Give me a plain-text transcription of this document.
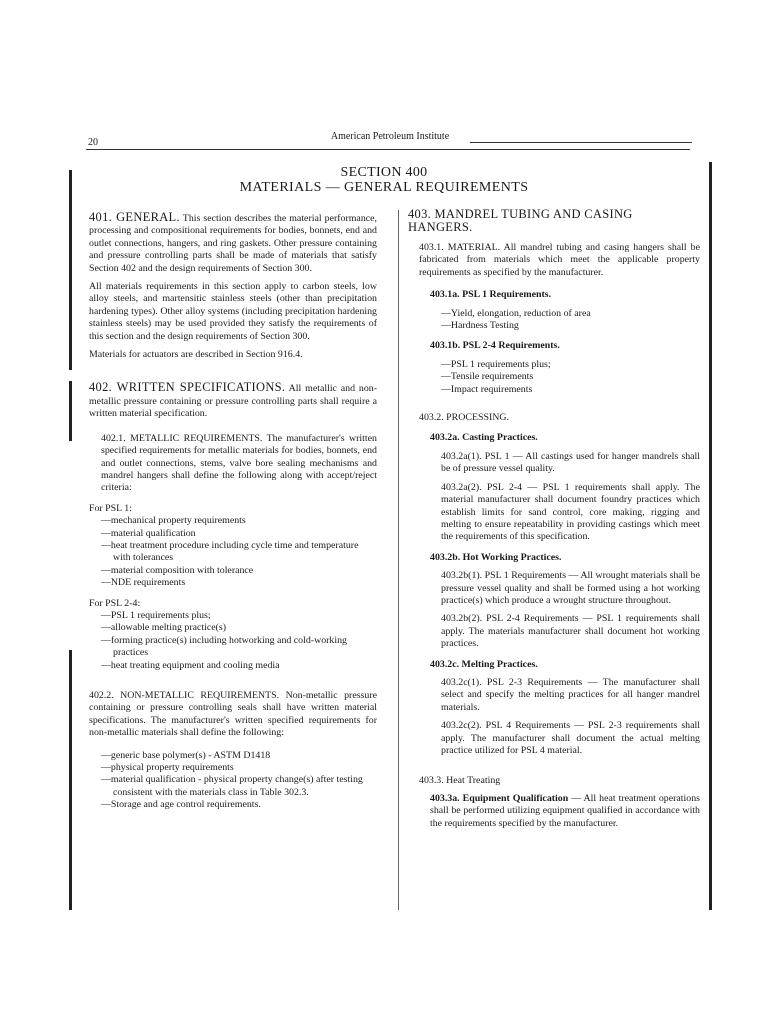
20
American Petroleum Institute
SECTION 400
MATERIALS — GENERAL REQUIREMENTS

401. GENERAL. This section describes the material performance, processing and compositional requirements for bodies, bonnets, end and outlet connections, hangers, and ring gaskets. Other pressure containing and pressure controlling parts shall be made of materials that satisfy Section 402 and the design requirements of Section 300.

All materials requirements in this section apply to carbon steels, low alloy steels, and martensitic stainless steels (other than precipitation hardening types). Other alloy systems (including precipitation hardening stainless steels) may be used provided they satisfy the requirements of this section and the design requirements of Section 300.

Materials for actuators are described in Section 916.4.

402. WRITTEN SPECIFICATIONS. All metallic and non-metallic pressure containing or pressure controlling parts shall require a written material specification.

402.1. METALLIC REQUIREMENTS. The manufacturer's written specified requirements for metallic materials for bodies, bonnets, end and outlet connections, stems, valve bore sealing mechanisms and mandrel hangers shall define the following along with accept/reject criteria:

For PSL 1:

— mechanical property requirements

— material qualification

— heat treatment procedure including cycle time and temperature with tolerances

— material composition with tolerance

— NDE requirements

For PSL 2-4:

— PSL 1 requirements plus;

— allowable melting practice(s)

— forming practice(s) including hotworking and cold-working practices

— heat treating equipment and cooling media

402.2. NON-METALLIC REQUIREMENTS. Non-metallic pressure containing or pressure controlling seals shall have written material specifications. The manufacturer's written specified requirements for non-metallic materials shall define the following:

— generic base polymer(s) - ASTM D1418

— physical property requirements

— material qualification - physical property change(s) after testing consistent with the materials class in Table 302.3.

— Storage and age control requirements.

403. MANDREL TUBING AND CASING HANGERS.

403.1. MATERIAL. All mandrel tubing and casing hangers shall be fabricated from materials which meet the applicable property requirements as specified by the manufacturer.

403.1a. PSL 1 Requirements.

— Yield, elongation, reduction of area

— Hardness Testing

403.1b. PSL 2-4 Requirements.

— PSL 1 requirements plus;

— Tensile requirements

— Impact requirements

403.2. PROCESSING.

403.2a. Casting Practices.

403.2a(1). PSL 1 — All castings used for hanger mandrels shall be of pressure vessel quality.

403.2a(2). PSL 2-4 — PSL 1 requirements shall apply. The material manufacturer shall document foundry practices which establish limits for sand control, core making, rigging and melting to ensure repeatability in providing castings which meet the requirements of this specification.

403.2b. Hot Working Practices.

403.2b(1). PSL 1 Requirements — All wrought materials shall be pressure vessel quality and shall be formed using a hot working practice(s) which produce a wrought structure throughout.

403.2b(2). PSL 2-4 Requirements — PSL 1 requirements shall apply. The materials manufacturer shall document hot working practices.

403.2c. Melting Practices.

403.2c(1). PSL 2-3 Requirements — The manufacturer shall select and specify the melting practices for all hanger mandrel materials.

403.2c(2). PSL 4 Requirements — PSL 2-3 requirements shall apply. The manufacturer shall document the actual melting practice utilized for PSL 4 material.

403.3. Heat Treating

403.3a. Equipment Qualification — All heat treatment operations shall be performed utilizing equipment qualified in accordance with the requirements specified by the manufacturer.
